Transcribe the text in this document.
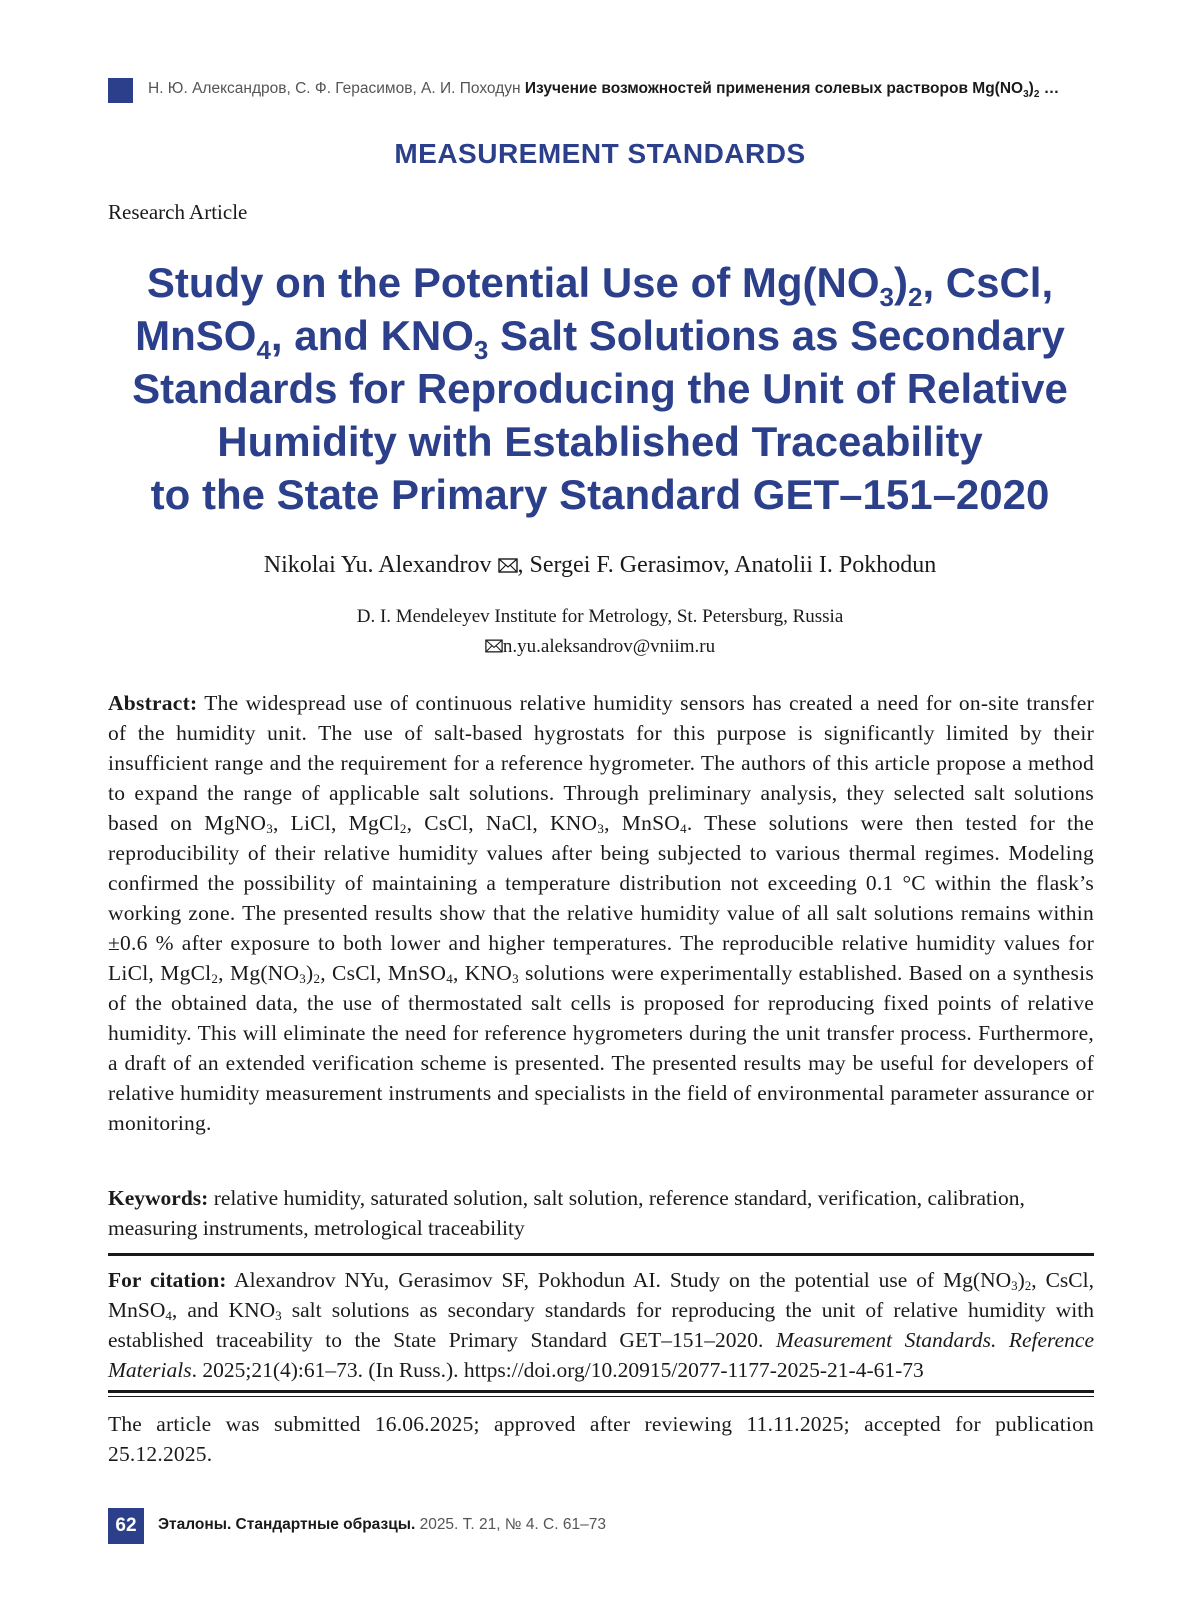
Н. Ю. Александров, С. Ф. Герасимов, А. И. Походун Изучение возможностей применения солевых растворов $Mg(NO_3)_2$ …
MEASUREMENT STANDARDS
Research Article
Study on the Potential Use of $Mg(NO_3)_2$, CsCl, MnSO$_4$, and $KNO_3$ Salt Solutions as Secondary Standards for Reproducing the Unit of Relative Humidity with Established Traceability
to the State Primary Standard GET–151–2020
Nikolai Yu. Alexandrov , Sergei F. Gerasimov, Anatolii I. Pokhodun
D. I. Mendeleyev Institute for Metrology, St. Petersburg, Russia
n.yu.aleksandrov@vniim.ru
Abstract: The widespread use of continuous relative humidity sensors has created a need for on-site transfer of the humidity unit. The use of salt-based hygrostats for this purpose is significantly limited by their insufficient range and the requirement for a reference hygrometer. The authors of this article propose a method to expand the range of applicable salt solutions. Through preliminary analysis, they selected salt solutions based on MgNO$_3$, LiCl, MgCl$_2$, CsCl, NaCl, $KNO_3$, MnSO$_4$. These solutions were then tested for the reproducibility of their relative humidity values after being subjected to various thermal regimes. Modeling confirmed the possibility of maintaining a temperature distribution not exceeding 0.1 °C within the flask’s working zone. The presented results show that the relative humidity value of all salt solutions remains within ±0.6 % after exposure to both lower and higher temperatures. The reproducible relative humidity values for LiCl, MgCl$_2$, $Mg(NO_3)_2$, CsCl, MnSO$_4$, $KNO_3$ solutions were experimentally established. Based on a synthesis of the obtained data, the use of thermostated salt cells is proposed for reproducing fixed points of relative humidity. This will eliminate the need for reference hygrometers during the unit transfer process. Furthermore, a draft of an extended verification scheme is presented. The presented results may be useful for developers of relative humidity measurement instruments and specialists in the field of environmental parameter assurance or monitoring.
Keywords: relative humidity, saturated solution, salt solution, reference standard, verification, calibration, measuring instruments, metrological traceability
For citation: Alexandrov NYu, Gerasimov SF, Pokhodun AI. Study on the potential use of $Mg(NO_3)_2$, CsCl, MnSO$_4$, and $KNO_3$ salt solutions as secondary standards for reproducing the unit of relative humidity with established traceability to the State Primary Standard GET–151–2020. Measurement Standards. Reference Materials. 2025;21(4):61–73. (In Russ.). https://doi.org/10.20915/2077-1177-2025-21-4-61-73
The article was submitted 16.06.2025; approved after reviewing 11.11.2025; accepted for publication 25.12.2025.
62	Эталоны. Стандартные образцы. 2025. Т. 21, № 4. С. 61–73
